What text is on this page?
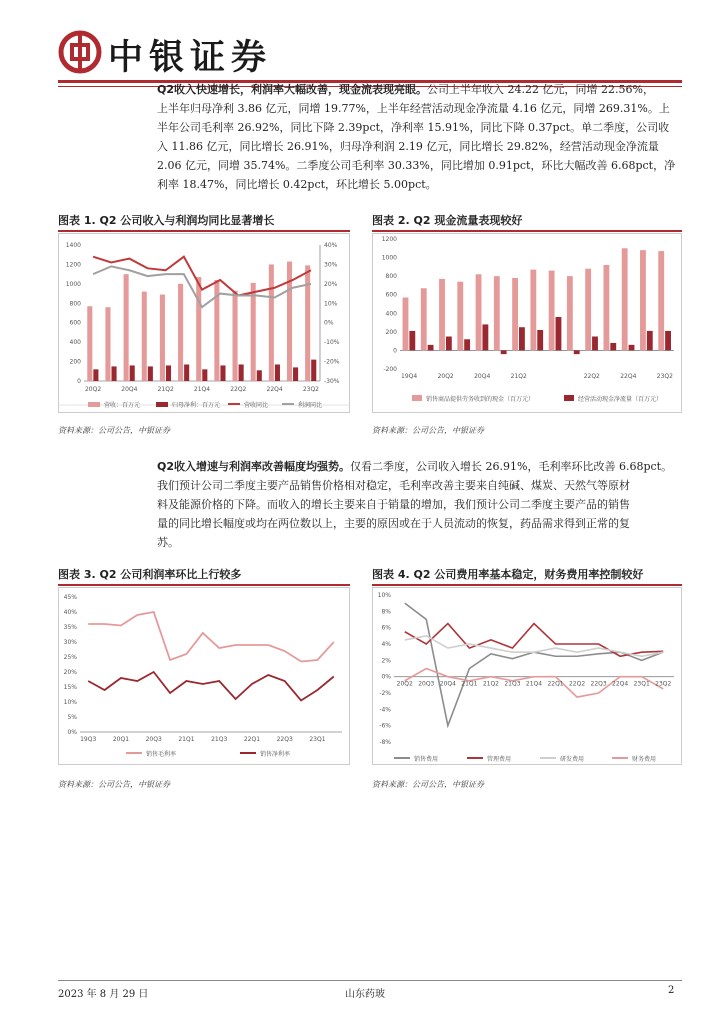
中银证券
Q2收入快速增长，利润率大幅改善，现金流表现亮眼。公司上半年收入 24.22 亿元，同增 22.56%，
上半年归母净利 3.86 亿元，同增 19.77%，上半年经营活动现金净流量 4.16 亿元，同增 269.31%。上
半年公司毛利率 26.92%，同比下降 2.39pct，净利率 15.91%，同比下降 0.37pct。单二季度，公司收
入 11.86 亿元，同比增长 26.91%，归母净利润 2.19 亿元，同比增长 29.82%，经营活动现金净流量
2.06 亿元，同增 35.74%。二季度公司毛利率 30.33%，同比增加 0.91pct，环比大幅改善 6.68pct，净
利率 18.47%，同比增长 0.42pct，环比增长 5.00pct。
图表 1. Q2 公司收入与利润均同比显著增长
营收：百万元	归母净利：百万元	营收同比	利润同比
0
200
400
600
800
1000
1200
1400
-30%
-20%
-10%
0%
10%
20%
30%
40%
20Q2	20Q4	21Q2	21Q4	22Q2	22Q4	23Q2
资料来源：公司公告，中银证券
图表 2. Q2 现金流量表现较好
销售商品提供劳务收到的现金（百万元）	经营活动现金净流量（百万元）
-200
0
200
400
600
800
1000
1200
19Q4	20Q2	20Q4	21Q2	22Q2	22Q4	23Q2
资料来源：公司公告，中银证券
Q2收入增速与利润率改善幅度均强势。仅看二季度，公司收入增长 26.91%，毛利率环比改善 6.68pct。
我们预计公司二季度主要产品销售价格相对稳定，毛利率改善主要来自纯碱、煤炭、天然气等原材
料及能源价格的下降。而收入的增长主要来自于销量的增加，我们预计公司二季度主要产品的销售
量的同比增长幅度或均在两位数以上，主要的原因或在于人员流动的恢复，药品需求得到正常的复
苏。
图表 3. Q2 公司利润率环比上行较多
销售毛利率	销售净利率
0%
5%
10%
15%
20%
25%
30%
35%
40%
45%
19Q3	20Q1	20Q3	21Q1	21Q3	22Q1	22Q3	23Q1
资料来源：公司公告，中银证券
图表 4. Q2 公司费用率基本稳定，财务费用率控制较好
销售费用	管理费用	研发费用	财务费用
-8%
-6%
-4%
-2%
0%
2%
4%
6%
8%
10%
20Q2 20Q3 20Q4 21Q1 21Q2 21Q3 21Q4 22Q1 22Q2 22Q3 22Q4 23Q1 23Q2
资料来源：公司公告，中银证券
2023 年 8 月 29 日	山东药玻	2
